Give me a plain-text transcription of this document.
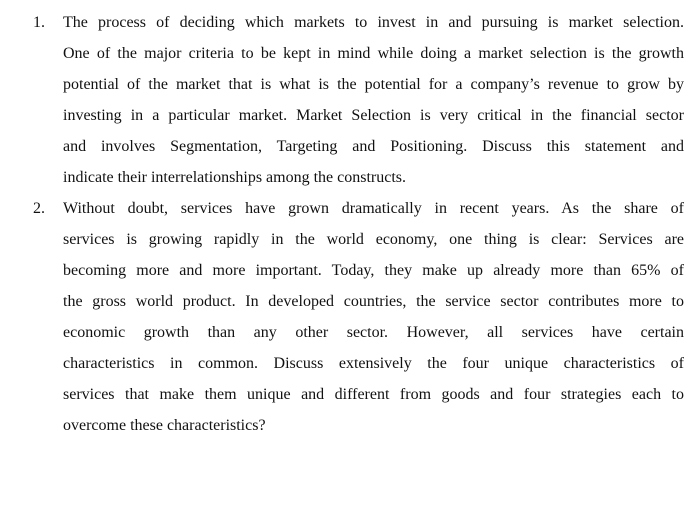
1. The process of deciding which markets to invest in and pursuing is market selection.
One of the major criteria to be kept in mind while doing a market selection is the growth
potential of the market that is what is the potential for a company’s revenue to grow by
investing in a particular market. Market Selection is very critical in the financial sector
and involves Segmentation, Targeting and Positioning. Discuss this statement and
indicate their interrelationships among the constructs.
2. Without doubt, services have grown dramatically in recent years. As the share of
services is growing rapidly in the world economy, one thing is clear: Services are
becoming more and more important. Today, they make up already more than 65% of
the gross world product. In developed countries, the service sector contributes more to
economic growth than any other sector. However, all services have certain
characteristics in common. Discuss extensively the four unique characteristics of
services that make them unique and different from goods and four strategies each to
overcome these characteristics?
